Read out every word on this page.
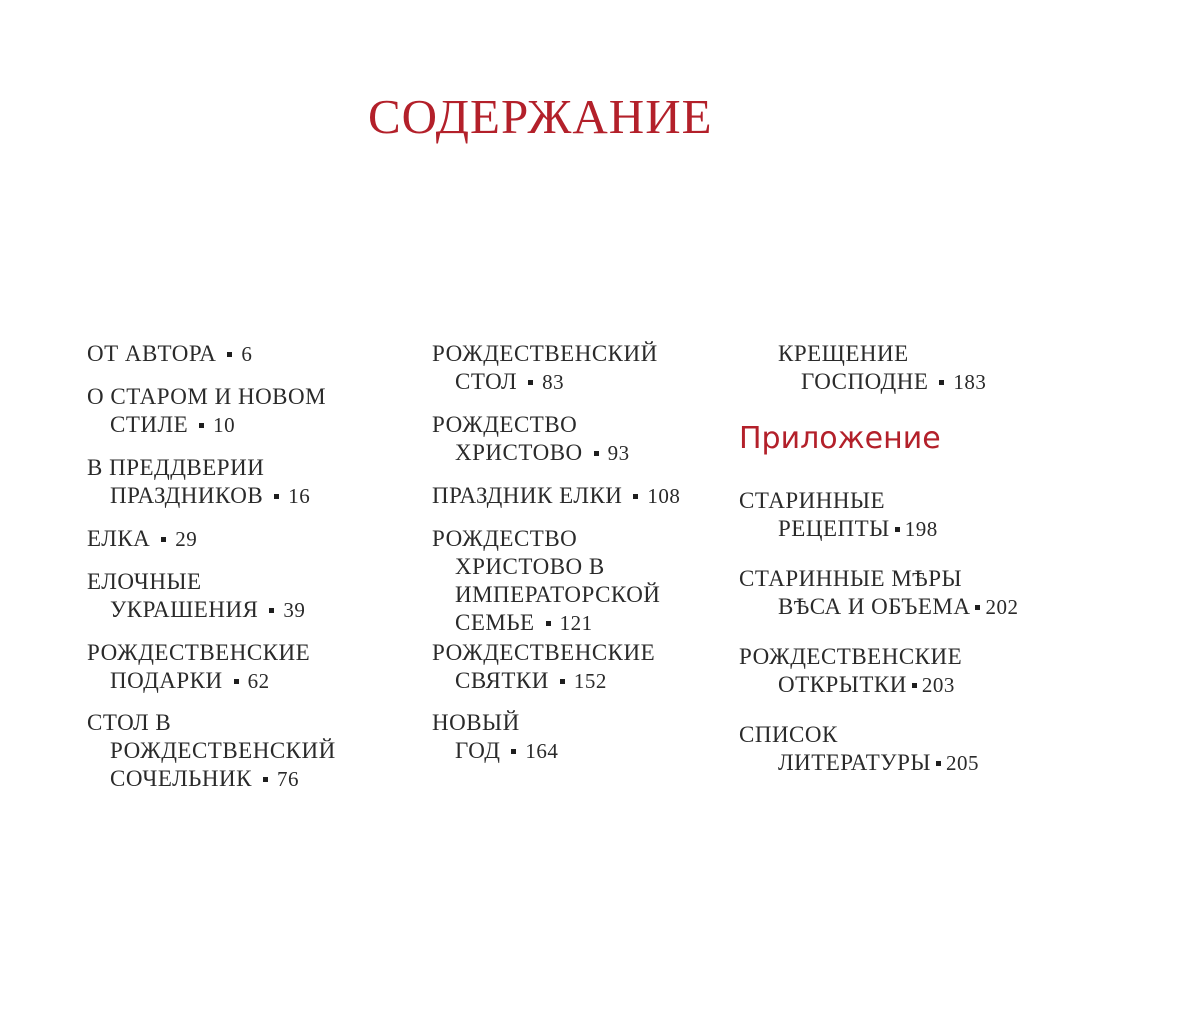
СОДЕРЖАНИЕ
ОТ АВТОРА 6
О СТАРОМ И НОВОМ
СТИЛЕ 10
В ПРЕДДВЕРИИ
ПРАЗДНИКОВ 16
ЕЛКА 29
ЕЛОЧНЫЕ
УКРАШЕНИЯ 39
РОЖДЕСТВЕНСКИЕ
ПОДАРКИ 62
СТОЛ В
РОЖДЕСТВЕНСКИЙ
СОЧЕЛЬНИК 76
РОЖДЕСТВЕНСКИЙ
СТОЛ 83
РОЖДЕСТВО
ХРИСТОВО 93
ПРАЗДНИК ЕЛКИ 108
РОЖДЕСТВО
ХРИСТОВО В
ИМПЕРАТОРСКОЙ
СЕМЬЕ 121
РОЖДЕСТВЕНСКИЕ
СВЯТКИ 152
НОВЫЙ
ГОД 164
Приложение
КРЕЩЕНИЕ
ГОСПОДНЕ 183
СТАРИННЫЕ
РЕЦЕПТЫ 198
СТАРИННЫЕ МѢРЫ
ВѢСА И ОБЪЕМА 202
РОЖДЕСТВЕНСКИЕ
ОТКРЫТКИ 203
СПИСОК
ЛИТЕРАТУРЫ 205
